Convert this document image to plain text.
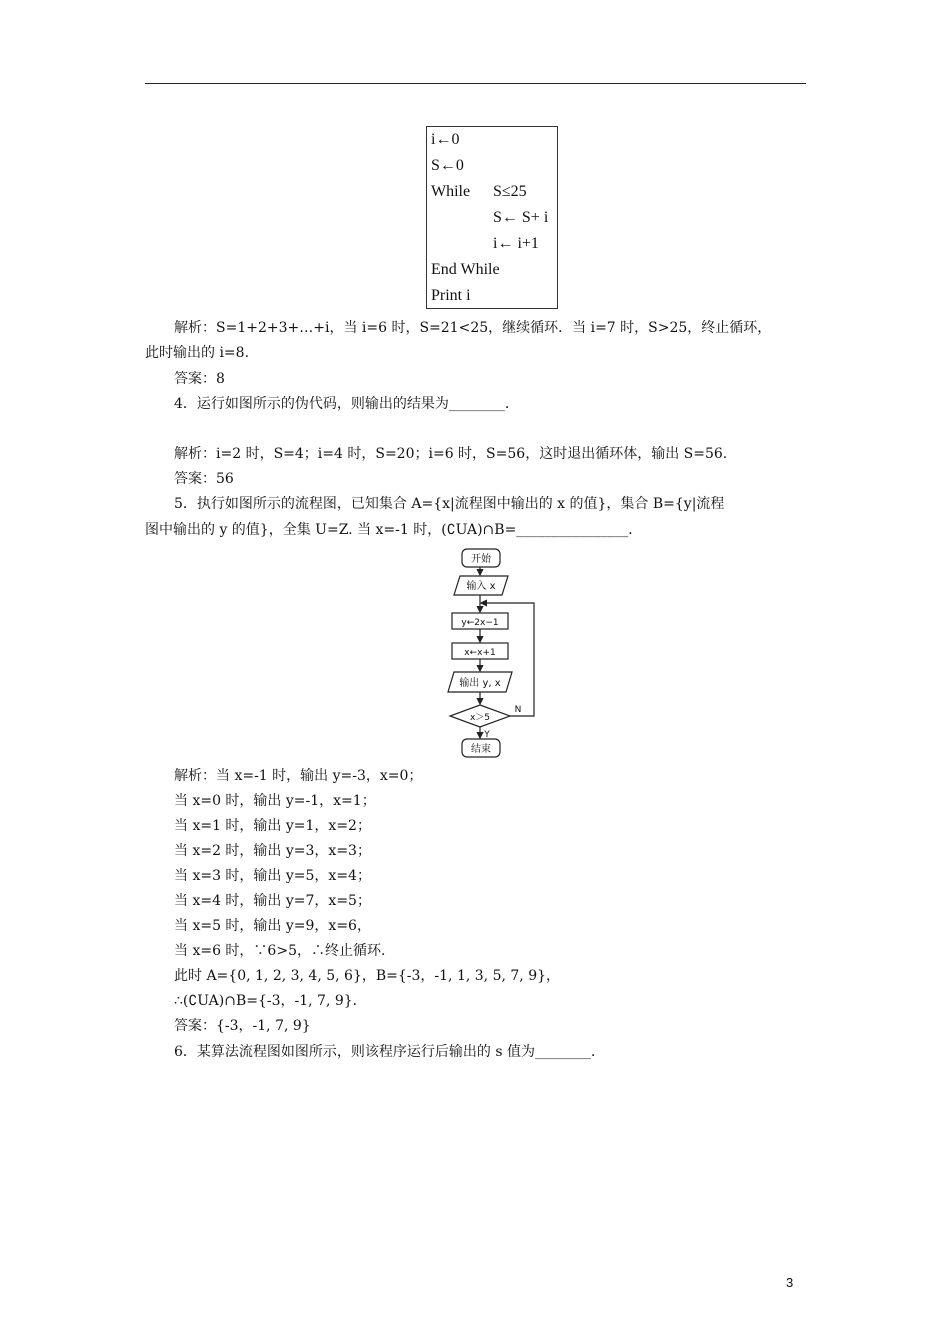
i←0
S←0
While S≤25
S← S+ i
i← i+1
End While
Print i
解析：S=1+2+3+…+i，当 i=6 时，S=21<25，继续循环．当 i=7 时，S>25，终止循环，
此时输出的 i=8.
答案：8
4．运行如图所示的伪代码，则输出的结果为________．
解析：i=2 时，S=4；i=4 时，S=20；i=6 时，S=56，这时退出循环体，输出 S=56.
答案：56
5．执行如图所示的流程图，已知集合 A={x|流程图中输出的 x 的值}，集合 B={y|流程
图中输出的 y 的值}，全集 U=Z. 当 x=-1 时，(∁UA)∩B=________________．
开始
输入 x
y←2x−1
x←x+1
输出 y, x
x＞5
N
Y
结束
解析：当 x=-1 时，输出 y=-3，x=0；
当 x=0 时，输出 y=-1，x=1；
当 x=1 时，输出 y=1，x=2；
当 x=2 时，输出 y=3，x=3；
当 x=3 时，输出 y=5，x=4；
当 x=4 时，输出 y=7，x=5；
当 x=5 时，输出 y=9，x=6，
当 x=6 时，∵6>5，∴终止循环.
此时 A={0, 1, 2, 3, 4, 5, 6}，B={-3，-1, 1, 3, 5, 7, 9}，
∴(∁UA)∩B={-3，-1, 7, 9}．
答案：{-3，-1, 7, 9}
6．某算法流程图如图所示，则该程序运行后输出的 s 值为________．
3
